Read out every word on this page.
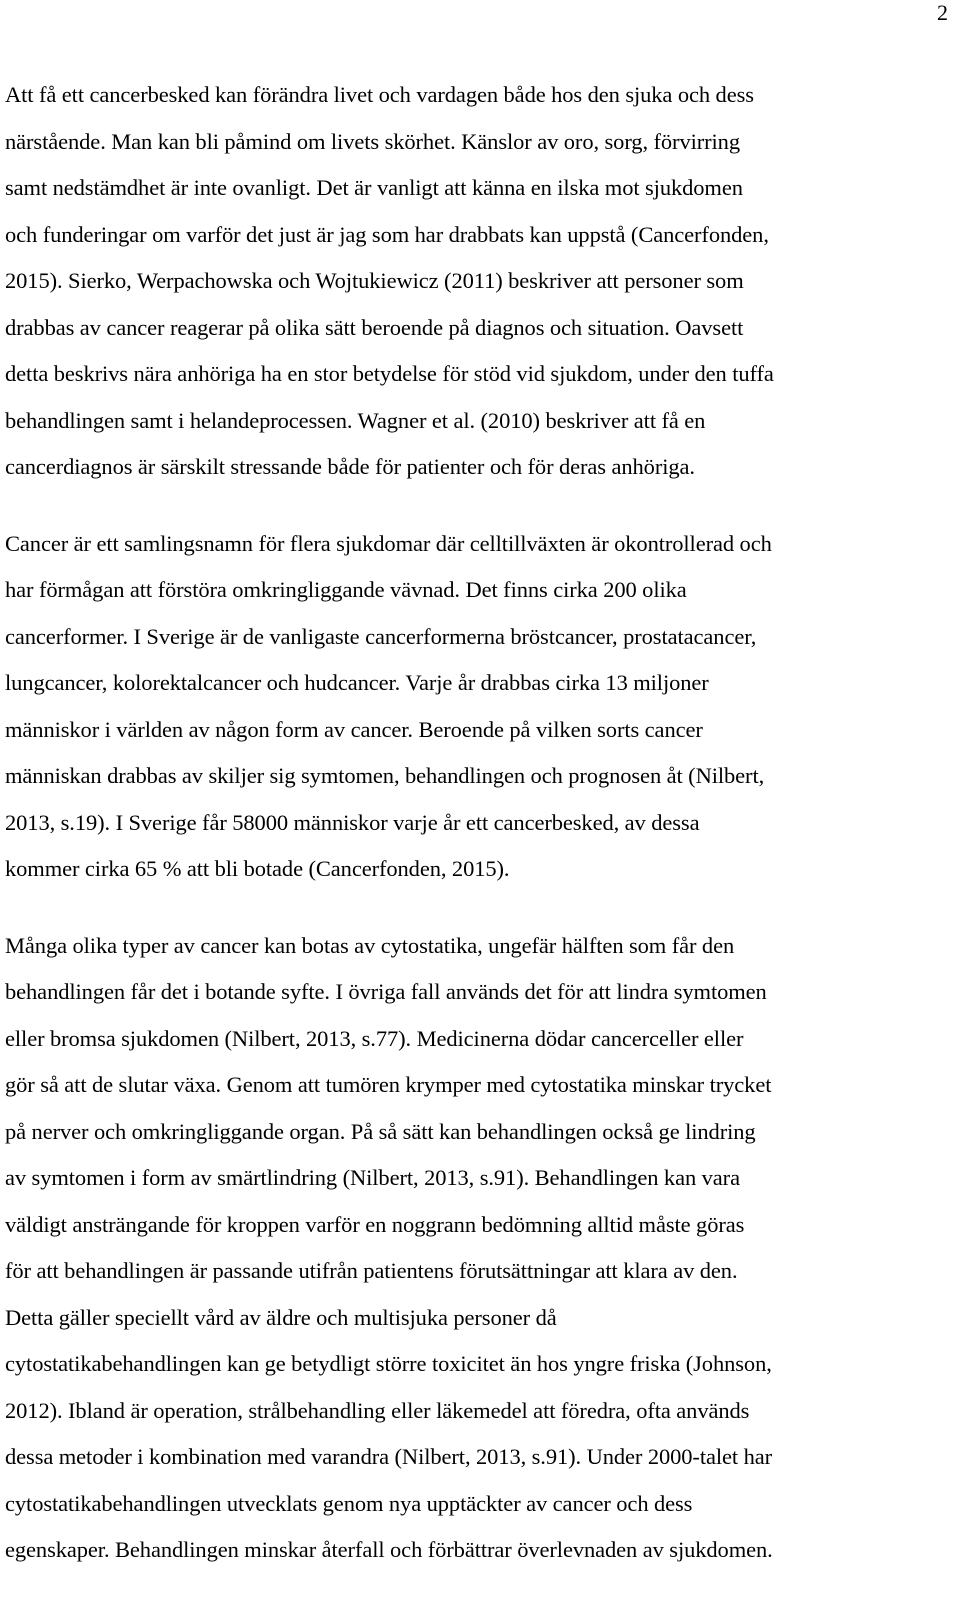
2

Att få ett cancerbesked kan förändra livet och vardagen både hos den sjuka och dess
närstående. Man kan bli påmind om livets skörhet. Känslor av oro, sorg, förvirring
samt nedstämdhet är inte ovanligt. Det är vanligt att känna en ilska mot sjukdomen
och funderingar om varför det just är jag som har drabbats kan uppstå (Cancerfonden,
2015). Sierko, Werpachowska och Wojtukiewicz (2011) beskriver att personer som
drabbas av cancer reagerar på olika sätt beroende på diagnos och situation. Oavsett
detta beskrivs nära anhöriga ha en stor betydelse för stöd vid sjukdom, under den tuffa
behandlingen samt i helandeprocessen. Wagner et al. (2010) beskriver att få en
cancerdiagnos är särskilt stressande både för patienter och för deras anhöriga.

Cancer är ett samlingsnamn för flera sjukdomar där celltillväxten är okontrollerad och
har förmågan att förstöra omkringliggande vävnad. Det finns cirka 200 olika
cancerformer. I Sverige är de vanligaste cancerformerna bröstcancer, prostatacancer,
lungcancer, kolorektalcancer och hudcancer. Varje år drabbas cirka 13 miljoner
människor i världen av någon form av cancer. Beroende på vilken sorts cancer
människan drabbas av skiljer sig symtomen, behandlingen och prognosen åt (Nilbert,
2013, s.19). I Sverige får 58000 människor varje år ett cancerbesked, av dessa
kommer cirka 65 % att bli botade (Cancerfonden, 2015).

Många olika typer av cancer kan botas av cytostatika, ungefär hälften som får den
behandlingen får det i botande syfte. I övriga fall används det för att lindra symtomen
eller bromsa sjukdomen (Nilbert, 2013, s.77). Medicinerna dödar cancerceller eller
gör så att de slutar växa. Genom att tumören krymper med cytostatika minskar trycket
på nerver och omkringliggande organ. På så sätt kan behandlingen också ge lindring
av symtomen i form av smärtlindring (Nilbert, 2013, s.91). Behandlingen kan vara
väldigt ansträngande för kroppen varför en noggrann bedömning alltid måste göras
för att behandlingen är passande utifrån patientens förutsättningar att klara av den.
Detta gäller speciellt vård av äldre och multisjuka personer då
cytostatikabehandlingen kan ge betydligt större toxicitet än hos yngre friska (Johnson,
2012). Ibland är operation, strålbehandling eller läkemedel att föredra, ofta används
dessa metoder i kombination med varandra (Nilbert, 2013, s.91). Under 2000-talet har
cytostatikabehandlingen utvecklats genom nya upptäckter av cancer och dess
egenskaper. Behandlingen minskar återfall och förbättrar överlevnaden av sjukdomen.
